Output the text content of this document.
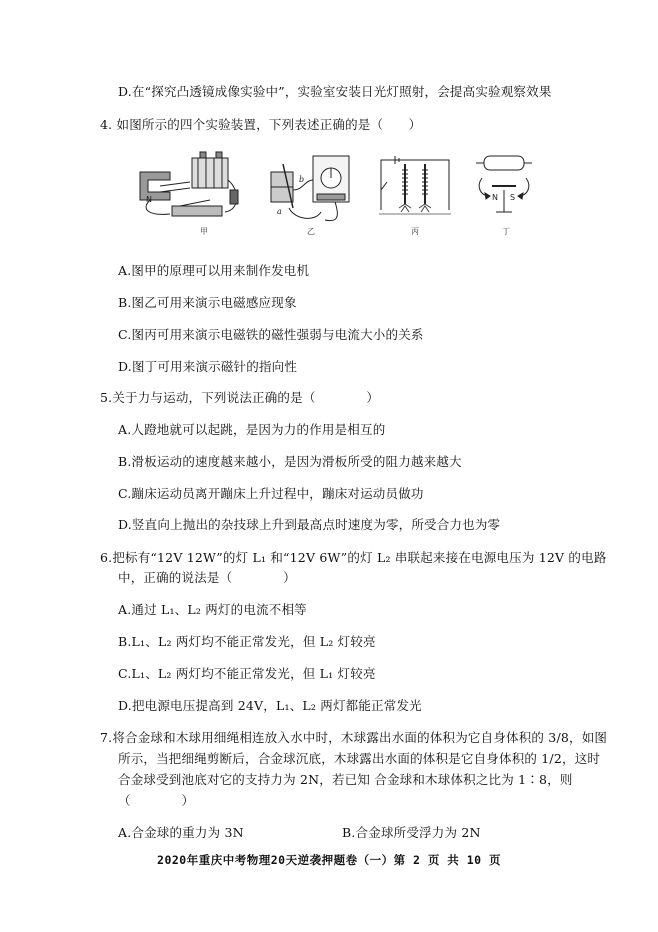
D.在“探究凸透镜成像实验中”，实验室安装日光灯照射，会提高实验观察效果
4. 如图所示的四个实验装置，下列表述正确的是（　　）
N
甲
a
b
乙	丙
N S
丁
A.图甲的原理可以用来制作发电机
B.图乙可用来演示电磁感应现象
C.图丙可用来演示电磁铁的磁性强弱与电流大小的关系
D.图丁可用来演示磁针的指向性
5.关于力与运动，下列说法正确的是（　　　　）
A.人蹬地就可以起跳，是因为力的作用是相互的
B.滑板运动的速度越来越小，是因为滑板所受的阻力越来越大
C.蹦床运动员离开蹦床上升过程中，蹦床对运动员做功
D.竖直向上抛出的杂技球上升到最高点时速度为零，所受合力也为零
6.把标有“12V 12W”的灯 L₁ 和“12V 6W”的灯 L₂ 串联起来接在电源电压为 12V 的电路
中，正确的说法是（　　　　）
A.通过 L₁、L₂ 两灯的电流不相等
B.L₁、L₂ 两灯均不能正常发光，但 L₂ 灯较亮
C.L₁、L₂ 两灯均不能正常发光，但 L₁ 灯较亮
D.把电源电压提高到 24V，L₁、L₂ 两灯都能正常发光
7.将合金球和木球用细绳相连放入水中时，木球露出水面的体积为它自身体积的 3/8，如图
所示，当把细绳剪断后，合金球沉底，木球露出水面的体积是它自身体积的 1/2，这时
合金球受到池底对它的支持力为 2N，若已知 合金球和木球体积之比为 1∶8，则
（　　　　）
A.合金球的重力为 3N	B.合金球所受浮力为 2N
2020年重庆中考物理20天逆袭押题卷（一）第 2 页 共 10 页
